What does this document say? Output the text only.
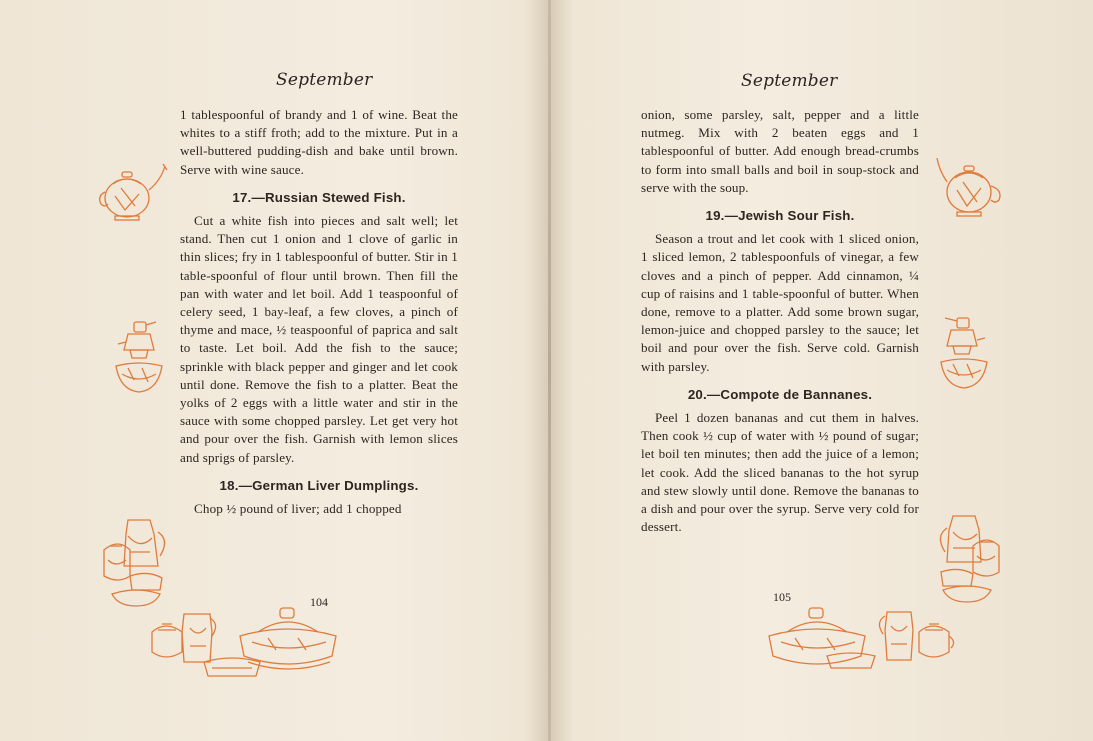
September

1 tablespoonful of brandy and 1 of wine. Beat the whites to a stiff froth; add to the mixture. Put in a well-buttered pudding-dish and bake until brown. Serve with wine sauce.

17.—Russian Stewed Fish.

Cut a white fish into pieces and salt well; let stand. Then cut 1 onion and 1 clove of garlic in thin slices; fry in 1 tablespoonful of butter. Stir in 1 table-spoonful of flour until brown. Then fill the pan with water and let boil. Add 1 teaspoonful of celery seed, 1 bay-leaf, a few cloves, a pinch of thyme and mace, ½ teaspoonful of paprica and salt to taste. Let boil. Add the fish to the sauce; sprinkle with black pepper and ginger and let cook until done. Remove the fish to a platter. Beat the yolks of 2 eggs with a little water and stir in the sauce with some chopped parsley. Let get very hot and pour over the fish. Garnish with lemon slices and sprigs of parsley.

18.—German Liver Dumplings.

Chop ½ pound of liver; add 1 chopped

104
September

onion, some parsley, salt, pepper and a little nutmeg. Mix with 2 beaten eggs and 1 tablespoonful of butter. Add enough bread-crumbs to form into small balls and boil in soup-stock and serve with the soup.

19.—Jewish Sour Fish.

Season a trout and let cook with 1 sliced onion, 1 sliced lemon, 2 tablespoonfuls of vinegar, a few cloves and a pinch of pepper. Add cinnamon, ¼ cup of raisins and 1 table-spoonful of butter. When done, remove to a platter. Add some brown sugar, lemon-juice and chopped parsley to the sauce; let boil and pour over the fish. Serve cold. Garnish with parsley.

20.—Compote de Bannanes.

Peel 1 dozen bananas and cut them in halves. Then cook ½ cup of water with ½ pound of sugar; let boil ten minutes; then add the juice of a lemon; let cook. Add the sliced bananas to the hot syrup and stew slowly until done. Remove the bananas to a dish and pour over the syrup. Serve very cold for dessert.

105
